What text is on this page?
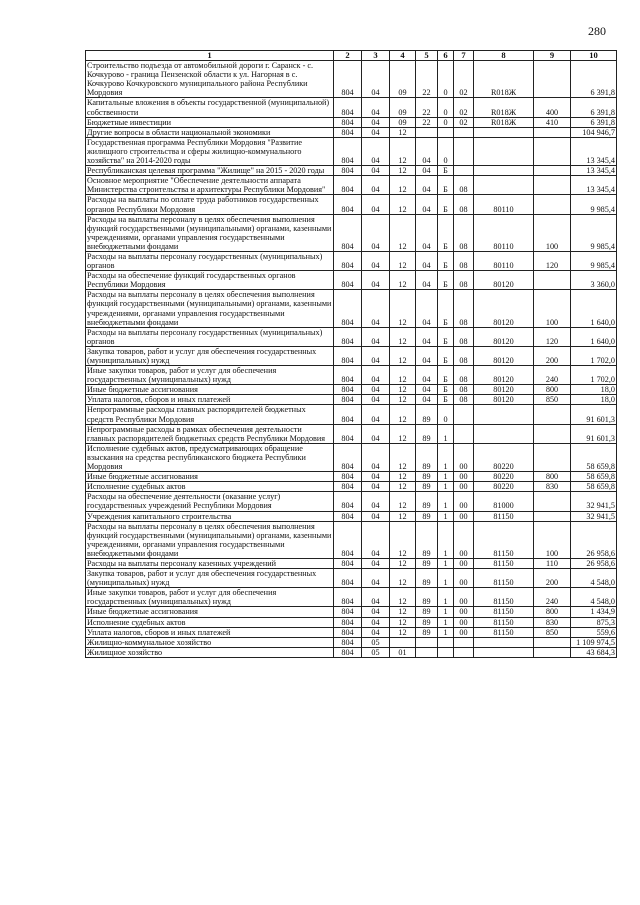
280
1	2	3	4	5	6	7	8	9	10
Строительство подъезда от автомобильной дороги г. Саранск - с. Кочкурово - граница Пензенской области к ул. Нагорная в с. Кочкурово Кочкуровского муниципального района Республики Мордовия	804	04	09	22	0	02	R018Ж		6 391,8
Капитальные вложения в объекты государственной (муниципальной) собственности	804	04	09	22	0	02	R018Ж	400	6 391,8
Бюджетные инвестиции	804	04	09	22	0	02	R018Ж	410	6 391,8
Другие вопросы в области национальной экономики	804	04	12						104 946,7
Государственная программа Республики Мордовия "Развитие жилищного строительства и сферы жилищно-коммунального хозяйства" на 2014-2020 годы	804	04	12	04	0				13 345,4
Республиканская целевая программа "Жилище" на 2015 - 2020 годы	804	04	12	04	Б				13 345,4
Основное мероприятие "Обеспечение деятельности аппарата Министерства строительства и архитектуры Республики Мордовия"	804	04	12	04	Б	08			13 345,4
Расходы на выплаты по оплате труда работников государственных органов Республики Мордовия	804	04	12	04	Б	08	80110		9 985,4
Расходы на выплаты персоналу в целях обеспечения выполнения функций государственными (муниципальными) органами, казенными учреждениями, органами управления государственными внебюджетными фондами	804	04	12	04	Б	08	80110	100	9 985,4
Расходы на выплаты персоналу государственных (муниципальных) органов	804	04	12	04	Б	08	80110	120	9 985,4
Расходы на обеспечение функций государственных органов Республики Мордовия	804	04	12	04	Б	08	80120		3 360,0
Расходы на выплаты персоналу в целях обеспечения выполнения функций государственными (муниципальными) органами, казенными учреждениями, органами управления государственными внебюджетными фондами	804	04	12	04	Б	08	80120	100	1 640,0
Расходы на выплаты персоналу государственных (муниципальных) органов	804	04	12	04	Б	08	80120	120	1 640,0
Закупка товаров, работ и услуг для обеспечения государственных (муниципальных) нужд	804	04	12	04	Б	08	80120	200	1 702,0
Иные закупки товаров, работ и услуг для обеспечения государственных (муниципальных) нужд	804	04	12	04	Б	08	80120	240	1 702,0
Иные бюджетные ассигнования	804	04	12	04	Б	08	80120	800	18,0
Уплата налогов, сборов и иных платежей	804	04	12	04	Б	08	80120	850	18,0
Непрограммные расходы главных распорядителей бюджетных средств Республики Мордовия	804	04	12	89	0				91 601,3
Непрограммные расходы в рамках обеспечения деятельности главных распорядителей бюджетных средств Республики Мордовия	804	04	12	89	1				91 601,3
Исполнение судебных актов, предусматривающих обращение взыскания на средства республиканского бюджета Республики Мордовия	804	04	12	89	1	00	80220		58 659,8
Иные бюджетные ассигнования	804	04	12	89	1	00	80220	800	58 659,8
Исполнение судебных актов	804	04	12	89	1	00	80220	830	58 659,8
Расходы на обеспечение деятельности (оказание услуг) государственных учреждений Республики Мордовия	804	04	12	89	1	00	81000		32 941,5
Учреждения капитального строительства	804	04	12	89	1	00	81150		32 941,5
Расходы на выплаты персоналу в целях обеспечения выполнения функций государственными (муниципальными) органами, казенными учреждениями, органами управления государственными внебюджетными фондами	804	04	12	89	1	00	81150	100	26 958,6
Расходы на выплаты персоналу казенных учреждений	804	04	12	89	1	00	81150	110	26 958,6
Закупка товаров, работ и услуг для обеспечения государственных (муниципальных) нужд	804	04	12	89	1	00	81150	200	4 548,0
Иные закупки товаров, работ и услуг для обеспечения государственных (муниципальных) нужд	804	04	12	89	1	00	81150	240	4 548,0
Иные бюджетные ассигнования	804	04	12	89	1	00	81150	800	1 434,9
Исполнение судебных актов	804	04	12	89	1	00	81150	830	875,3
Уплата налогов, сборов и иных платежей	804	04	12	89	1	00	81150	850	559,6
Жилищно-коммунальное хозяйство	804	05							1 109 974,5
Жилищное хозяйство	804	05	01						43 684,3
